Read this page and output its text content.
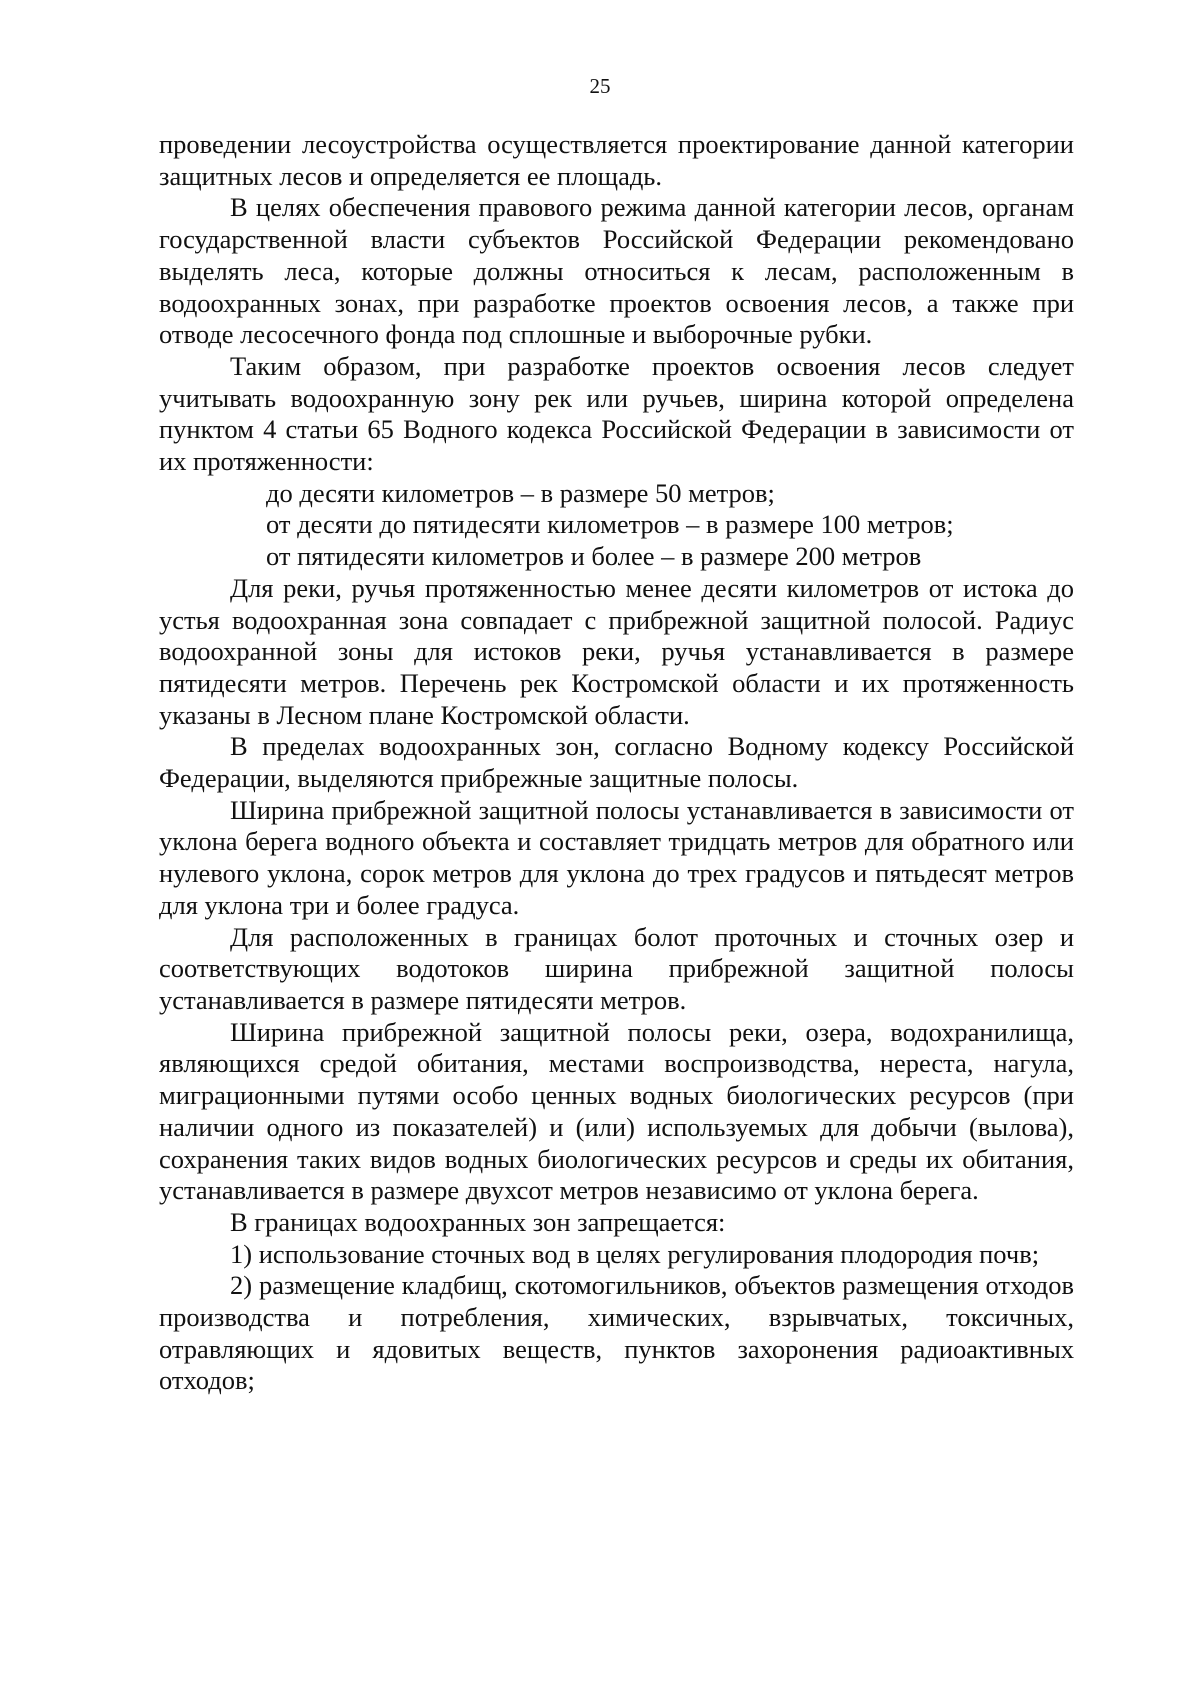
25

проведении лесоустройства осуществляется проектирование данной категории защитных лесов и определяется ее площадь.

В целях обеспечения правового режима данной категории лесов, органам государственной власти субъектов Российской Федерации рекомендовано выделять леса, которые должны относиться к лесам, расположенным в водоохранных зонах, при разработке проектов освоения лесов, а также при отводе лесосечного фонда под сплошные и выборочные рубки.

Таким образом, при разработке проектов освоения лесов следует учитывать водоохранную зону рек или ручьев, ширина которой определена пунктом 4 статьи 65 Водного кодекса Российской Федерации в зависимости от их протяженности:

до десяти километров – в размере 50 метров;

от десяти до пятидесяти километров – в размере 100 метров;

от пятидесяти километров и более – в размере 200 метров

Для реки, ручья протяженностью менее десяти километров от истока до устья водоохранная зона совпадает с прибрежной защитной полосой. Радиус водоохранной зоны для истоков реки, ручья устанавливается в размере пятидесяти метров. Перечень рек Костромской области и их протяженность указаны в Лесном плане Костромской области.

В пределах водоохранных зон, согласно Водному кодексу Российской Федерации, выделяются прибрежные защитные полосы.

Ширина прибрежной защитной полосы устанавливается в зависимости от уклона берега водного объекта и составляет тридцать метров для обратного или нулевого уклона, сорок метров для уклона до трех градусов и пятьдесят метров для уклона три и более градуса.

Для расположенных в границах болот проточных и сточных озер и соответствующих водотоков ширина прибрежной защитной полосы устанавливается в размере пятидесяти метров.

Ширина прибрежной защитной полосы реки, озера, водохранилища, являющихся средой обитания, местами воспроизводства, нереста, нагула, миграционными путями особо ценных водных биологических ресурсов (при наличии одного из показателей) и (или) используемых для добычи (вылова), сохранения таких видов водных биологических ресурсов и среды их обитания, устанавливается в размере двухсот метров независимо от уклона берега.

В границах водоохранных зон запрещается:

1) использование сточных вод в целях регулирования плодородия почв;

2) размещение кладбищ, скотомогильников, объектов размещения отходов производства и потребления, химических, взрывчатых, токсичных, отравляющих и ядовитых веществ, пунктов захоронения радиоактивных отходов;
